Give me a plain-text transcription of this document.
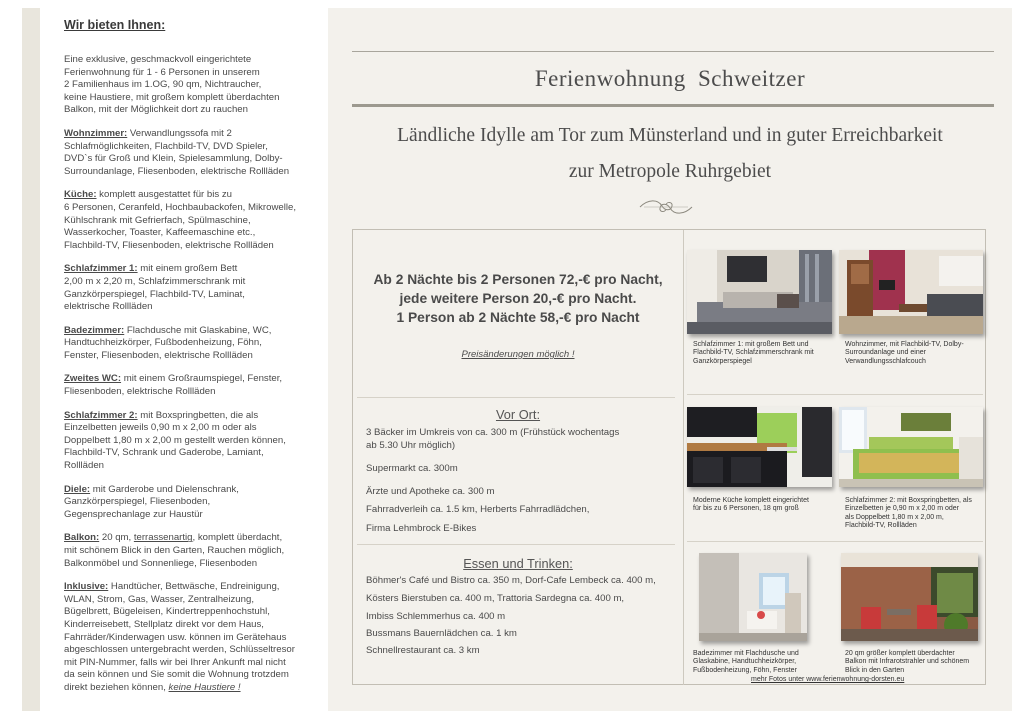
Wir bieten Ihnen:

Eine exklusive, geschmackvoll eingerichtete
Ferienwohnung für 1 - 6 Personen in unserem
2 Familienhaus im 1.OG, 90 qm, Nichtraucher,
keine Haustiere, mit großem komplett überdachten
Balkon, mit der Möglichkeit dort zu rauchen

Wohnzimmer: Verwandlungssofa mit 2
Schlafmöglichkeiten, Flachbild-TV, DVD Spieler,
DVD`s für Groß und Klein, Spielesammlung, Dolby-
Surroundanlage, Fliesenboden, elektrische Rollläden

Küche: komplett ausgestattet für bis zu
6 Personen, Ceranfeld, Hochbaubackofen, Mikrowelle,
Kühlschrank mit Gefrierfach, Spülmaschine,
Wasserkocher, Toaster, Kaffeemaschine etc.,
Flachbild-TV, Fliesenboden, elektrische Rollläden

Schlafzimmer 1: mit einem großem Bett
2,00 m x 2,20 m, Schlafzimmerschrank mit
Ganzkörperspiegel, Flachbild-TV, Laminat,
elektrische Rollläden

Badezimmer: Flachdusche mit Glaskabine, WC,
Handtuchheizkörper, Fußbodenheizung, Föhn,
Fenster, Fliesenboden, elektrische Rollläden

Zweites WC: mit einem Großraumspiegel, Fenster,
Fliesenboden, elektrische Rollläden

Schlafzimmer 2: mit Boxspringbetten, die als
Einzelbetten jeweils 0,90 m x 2,00 m oder als
Doppelbett 1,80 m x 2,00 m gestellt werden können,
Flachbild-TV, Schrank und Gaderobe, Lamiant,
Rollläden

Diele: mit Garderobe und Dielenschrank,
Ganzkörperspiegel, Fliesenboden,
Gegensprechanlage zur Haustür

Balkon: 20 qm, terrassenartig, komplett überdacht,
mit schönem Blick in den Garten, Rauchen möglich,
Balkonmöbel und Sonnenliege, Fliesenboden

Inklusive: Handtücher, Bettwäsche, Endreinigung,
WLAN, Strom, Gas, Wasser, Zentralheizung,
Bügelbrett, Bügeleisen, Kindertreppenhochstuhl,
Kinderreisebett, Stellplatz direkt vor dem Haus,
Fahrräder/Kinderwagen usw. können im Gerätehaus
abgeschlossen untergebracht werden, Schlüsseltresor
mit PIN-Nummer, falls wir bei Ihrer Ankunft mal nicht
da sein können und Sie somit die Wohnung trotzdem
direkt beziehen können, keine Haustiere !

Ferienwohnung Schweitzer
Ländliche Idylle am Tor zum Münsterland und in guter Erreichbarkeit
zur Metropole Ruhrgebiet
Ab 2 Nächte bis 2 Personen 72,-€ pro Nacht,
jede weitere Person 20,-€ pro Nacht.
1 Person ab 2 Nächte 58,-€ pro Nacht
Preisänderungen möglich !
Vor Ort:
3 Bäcker im Umkreis von ca. 300 m (Frühstück wochentags
ab 5.30 Uhr möglich)
Supermarkt ca. 300m
Ärzte und Apotheke ca. 300 m
Fahrradverleih ca. 1.5 km, Herberts Fahrradlädchen,
Firma Lehmbrock E-Bikes
Essen und Trinken:
Böhmer's Café und Bistro ca. 350 m, Dorf-Cafe Lembeck ca. 400 m,
Kösters Bierstuben ca. 400 m, Trattoria Sardegna ca. 400 m,
Imbiss Schlemmerhus ca. 400 m
Bussmans Bauernlädchen ca. 1 km
Schnellrestaurant ca. 3 km
Schlafzimmer 1: mit großem Bett und
Flachbild-TV, Schlafzimmerschrank mit
Ganzkörperspiegel
Wohnzimmer, mit Flachbild-TV, Dolby-
Surroundanlage und einer
Verwandlungsschlafcouch
Moderne Küche komplett eingerichtet
für bis zu 6 Personen, 18 qm groß
Schlafzimmer 2: mit Boxspringbetten, als
Einzelbetten je 0,90 m x 2,00 m oder
als Doppelbett 1,80 m x 2,00 m,
Flachbild-TV, Rollläden
Badezimmer mit Flachdusche und
Glaskabine, Handtuchheizkörper,
Fußbodenheizung, Föhn, Fenster
20 qm größer komplett überdachter
Balkon mit Infrarotstrahler und schönem
Blick in den Garten
mehr Fotos unter www.ferienwohnung-dorsten.eu
